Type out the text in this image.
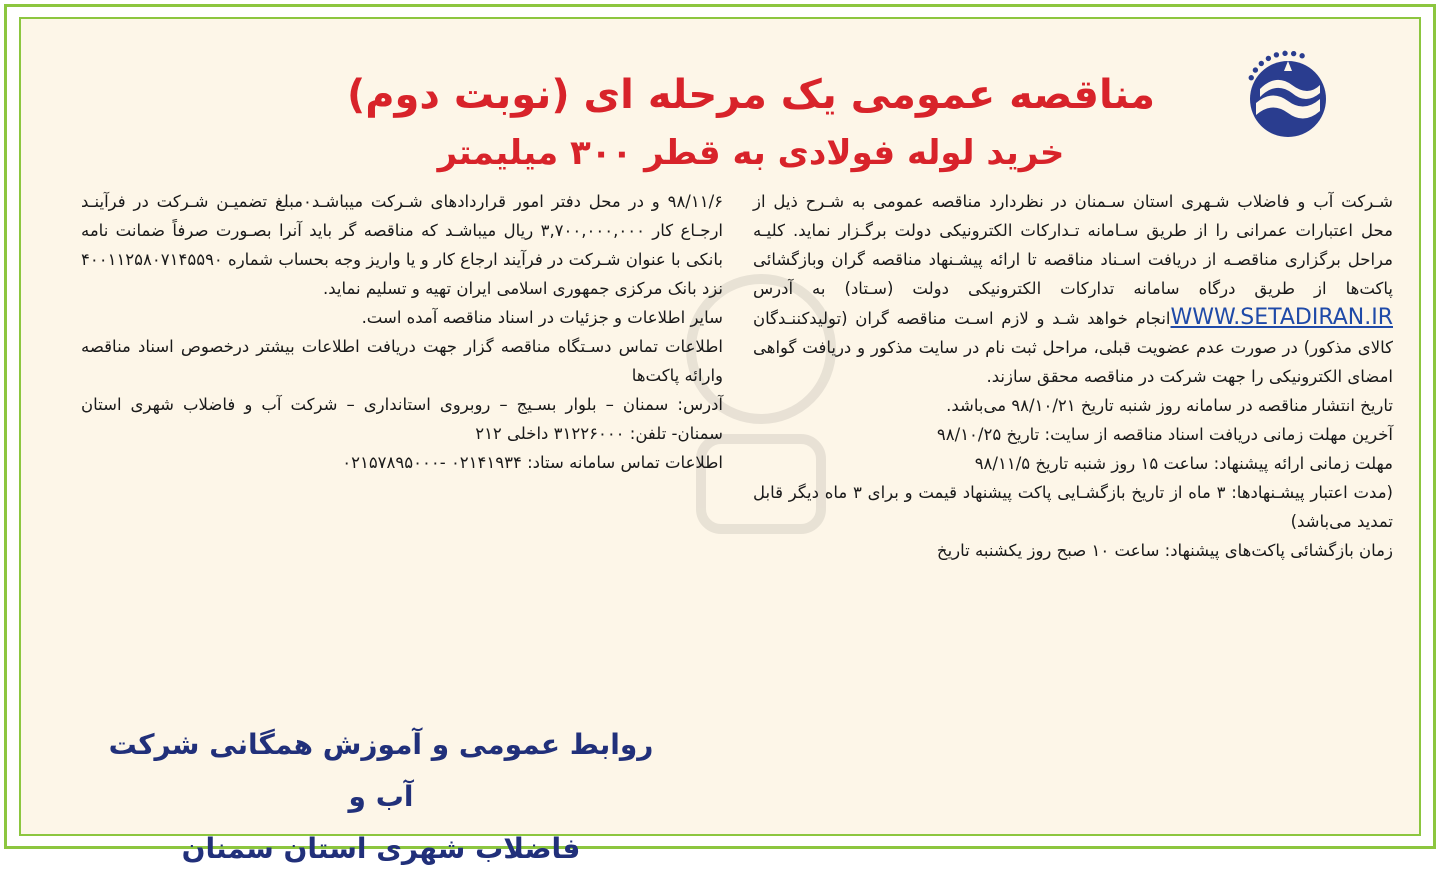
● ● ● ● ● ● ● ●
مناقصه عمومی یک مرحله ای (نوبت دوم)
خرید لوله فولادی به قطر ۳۰۰ میلیمتر

شـرکت آب و فاضلاب شـهری استان سـمنان در نظردارد مناقصه عمومی به شـرح ذیل از محل اعتبارات عمرانی را از طریق سـامانه تـدارکات الکترونیکی دولت برگـزار نماید. کلیـه مراحل برگزاری مناقصـه از دریافت اسـناد مناقصه تا ارائه پیشـنهاد مناقصه گران وبازگشائی پاکت‌ها از طریق درگاه سامانه تدارکات الکترونیکی دولت (سـتاد) به آدرس WWW.SETADIRAN.IRانجام خواهد شـد و لازم اسـت مناقصه گران (تولیدکننـدگان کالای مذکور) در صورت عدم عضویت قبلی، مراحل ثبت نام در سایت مذکور و دریافت گواهی امضای الکترونیکی را جهت شرکت در مناقصه محقق سازند.

تاریخ انتشار مناقصه در سامانه روز شنبه تاریخ ۹۸/۱۰/۲۱ می‌باشد.

آخرین مهلت زمانی دریافت اسناد مناقصه از سایت: تاریخ ۹۸/۱۰/۲۵

مهلت زمانی ارائه پیشنهاد: ساعت ۱۵ روز شنبه تاریخ ۹۸/۱۱/۵

(مدت اعتبار پیشـنهادها: ۳ ماه از تاریخ بازگشـایی پاکت پیشنهاد قیمت و برای ۳ ماه دیگر قابل تمدید می‌باشد)

زمان بازگشائی پاکت‌های پیشنهاد: ساعت ۱۰ صبح روز یکشنبه تاریخ

۹۸/۱۱/۶ و در محل دفتر امور قراردادهای شـرکت میباشـد۰مبلغ تضمیـن شـرکت در فرآینـد ارجـاع کار ۳,۷۰۰,۰۰۰,۰۰۰ ریال میباشـد که مناقصه گر باید آنرا بصـورت صرفاً ضمانت نامه بانکی با عنوان شـرکت در فرآیند ارجاع کار و یا واریز وجه بحساب شماره ۴۰۰۱۱۲۵۸۰۷۱۴۵۵۹۰ نزد بانک مرکزی جمهوری اسلامی ایران تهیه و تسلیم نماید.

سایر اطلاعات و جزئیات در اسناد مناقصه آمده است.

اطلاعات تماس دسـتگاه مناقصه گزار جهت دریافت اطلاعات بیشتر درخصوص اسناد مناقصه وارائه پاکت‌ها

آدرس: سمنان – بلوار بسـیج – روبروی استانداری – شرکت آب و فاضلاب شهری استان سمنان- تلفن: ۳۱۲۲۶۰۰۰ داخلی ۲۱۲

اطلاعات تماس سامانه ستاد: ۰۲۱۴۱۹۳۴ -۰۲۱۵۷۸۹۵۰۰۰

روابط عمومی و آموزش همگانی شرکت آب و
فاضلاب شهری استان سمنان
